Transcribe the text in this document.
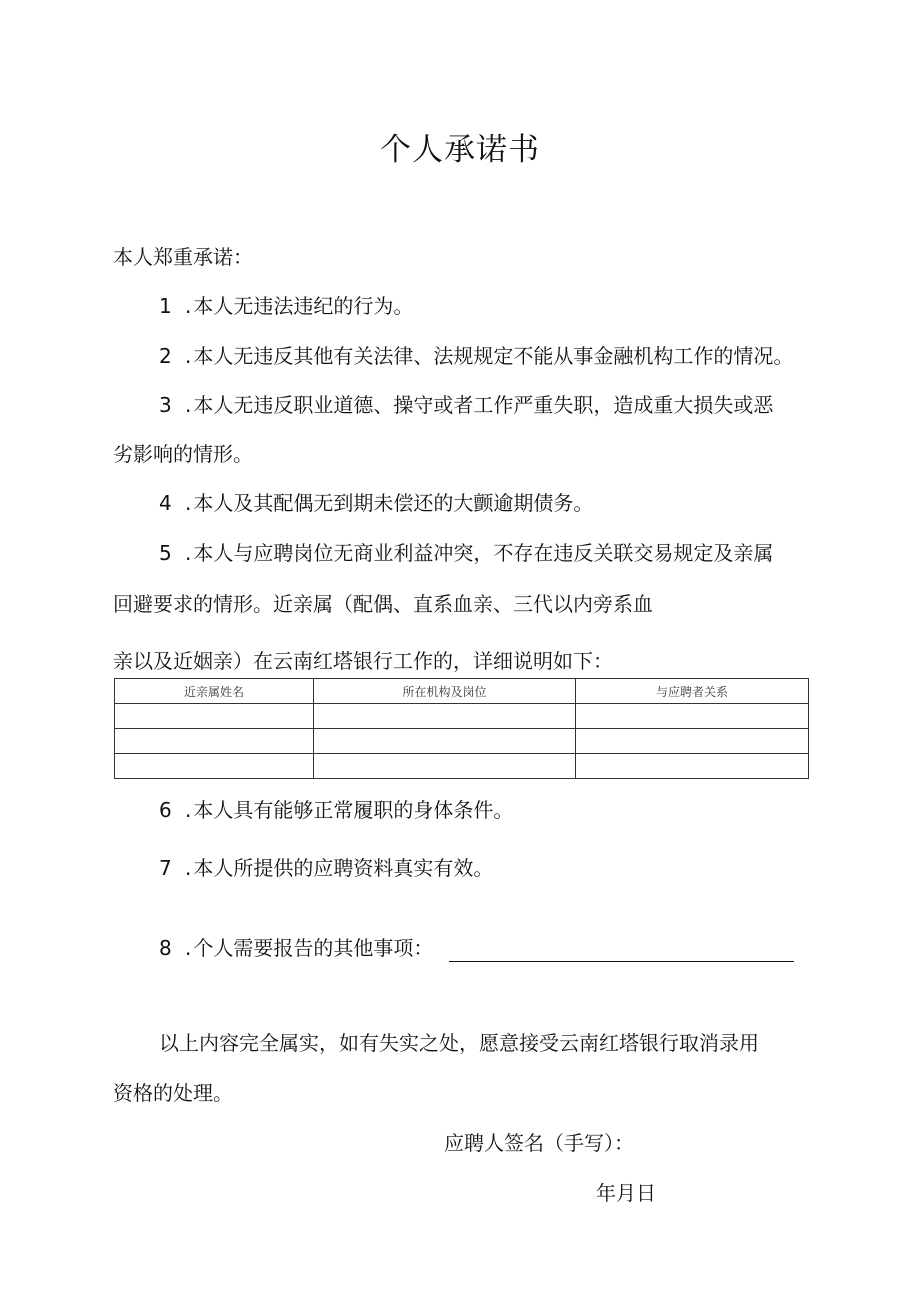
个人承诺书
本人郑重承诺：
1 . 本人无违法违纪的行为。
2 . 本人无违反其他有关法律、法规规定不能从事金融机构工作的情况。
3 . 本人无违反职业道德、操守或者工作严重失职，造成重大损失或恶
劣影响的情形。
4 . 本人及其配偶无到期未偿还的大颤逾期债务。
5 . 本人与应聘岗位无商业利益冲突，不存在违反关联交易规定及亲属
回避要求的情形。近亲属（配偶、直系血亲、三代以内旁系血
亲以及近姻亲）在云南红塔银行工作的，详细说明如下：
近亲属姓名	所在机构及岗位	与应聘者关系

6 . 本人具有能够正常履职的身体条件。
7 . 本人所提供的应聘资料真实有效。
8 . 个人需要报告的其他事项：
以上内容完全属实，如有失实之处，愿意接受云南红塔银行取消录用
资格的处理。
应聘人签名（手写）：
年月日
